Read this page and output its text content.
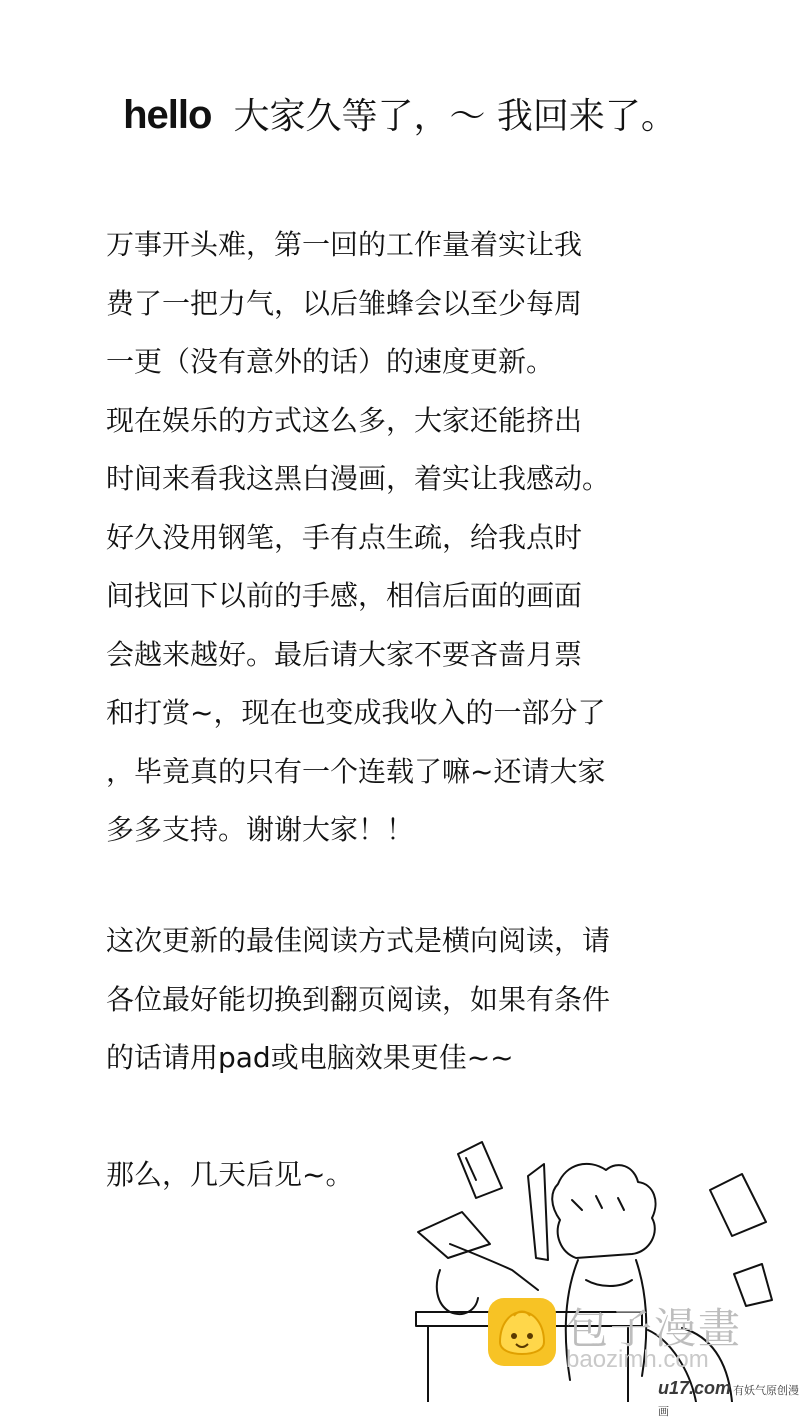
hello 大家久等了，～ 我回来了。
万事开头难，第一回的工作量着实让我
费了一把力气，以后雏蜂会以至少每周
一更（没有意外的话）的速度更新。
现在娱乐的方式这么多，大家还能挤出
时间来看我这黑白漫画，着实让我感动。
好久没用钢笔，手有点生疏，给我点时
间找回下以前的手感，相信后面的画面
会越来越好。最后请大家不要吝啬月票
和打赏~，现在也变成我收入的一部分了
，毕竟真的只有一个连载了嘛~还请大家
多多支持。谢谢大家！！
这次更新的最佳阅读方式是横向阅读，请
各位最好能切换到翻页阅读，如果有条件
的话请用pad或电脑效果更佳~~
那么，几天后见~。
包子漫畫
baozimh.com
u17.com 有妖气原创漫画
